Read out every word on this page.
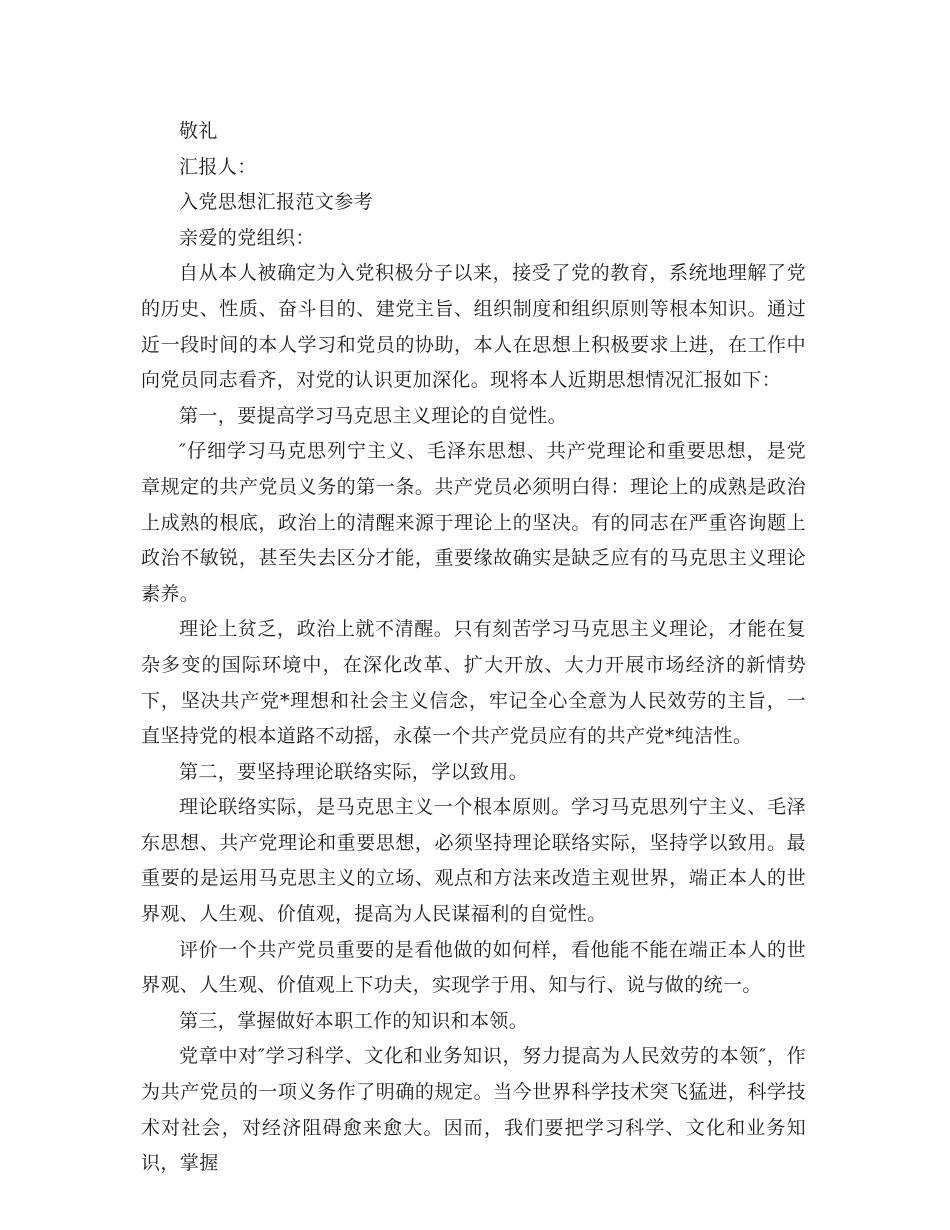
敬礼

汇报人：

入党思想汇报范文参考

亲爱的党组织：

自从本人被确定为入党积极分子以来，接受了党的教育，系统地理解了党的历史、性质、奋斗目的、建党主旨、组织制度和组织原则等根本知识。通过近一段时间的本人学习和党员的协助，本人在思想上积极要求上进，在工作中向党员同志看齐，对党的认识更加深化。现将本人近期思想情况汇报如下：

第一，要提高学习马克思主义理论的自觉性。

″仔细学习马克思列宁主义、毛泽东思想、共产党理论和重要思想，是党章规定的共产党员义务的第一条。共产党员必须明白得：理论上的成熟是政治上成熟的根底，政治上的清醒来源于理论上的坚决。有的同志在严重咨询题上政治不敏锐，甚至失去区分才能，重要缘故确实是缺乏应有的马克思主义理论素养。

理论上贫乏，政治上就不清醒。只有刻苦学习马克思主义理论，才能在复杂多变的国际环境中，在深化改革、扩大开放、大力开展市场经济的新情势下，坚决共产党*理想和社会主义信念，牢记全心全意为人民效劳的主旨，一直坚持党的根本道路不动摇，永葆一个共产党员应有的共产党*纯洁性。

第二，要坚持理论联络实际，学以致用。

理论联络实际，是马克思主义一个根本原则。学习马克思列宁主义、毛泽东思想、共产党理论和重要思想，必须坚持理论联络实际，坚持学以致用。最重要的是运用马克思主义的立场、观点和方法来改造主观世界，端正本人的世界观、人生观、价值观，提高为人民谋福利的自觉性。

评价一个共产党员重要的是看他做的如何样，看他能不能在端正本人的世界观、人生观、价值观上下功夫，实现学于用、知与行、说与做的统一。

第三，掌握做好本职工作的知识和本领。

党章中对″学习科学、文化和业务知识，努力提高为人民效劳的本领″，作为共产党员的一项义务作了明确的规定。当今世界科学技术突飞猛进，科学技术对社会，对经济阻碍愈来愈大。因而，我们要把学习科学、文化和业务知识，掌握
